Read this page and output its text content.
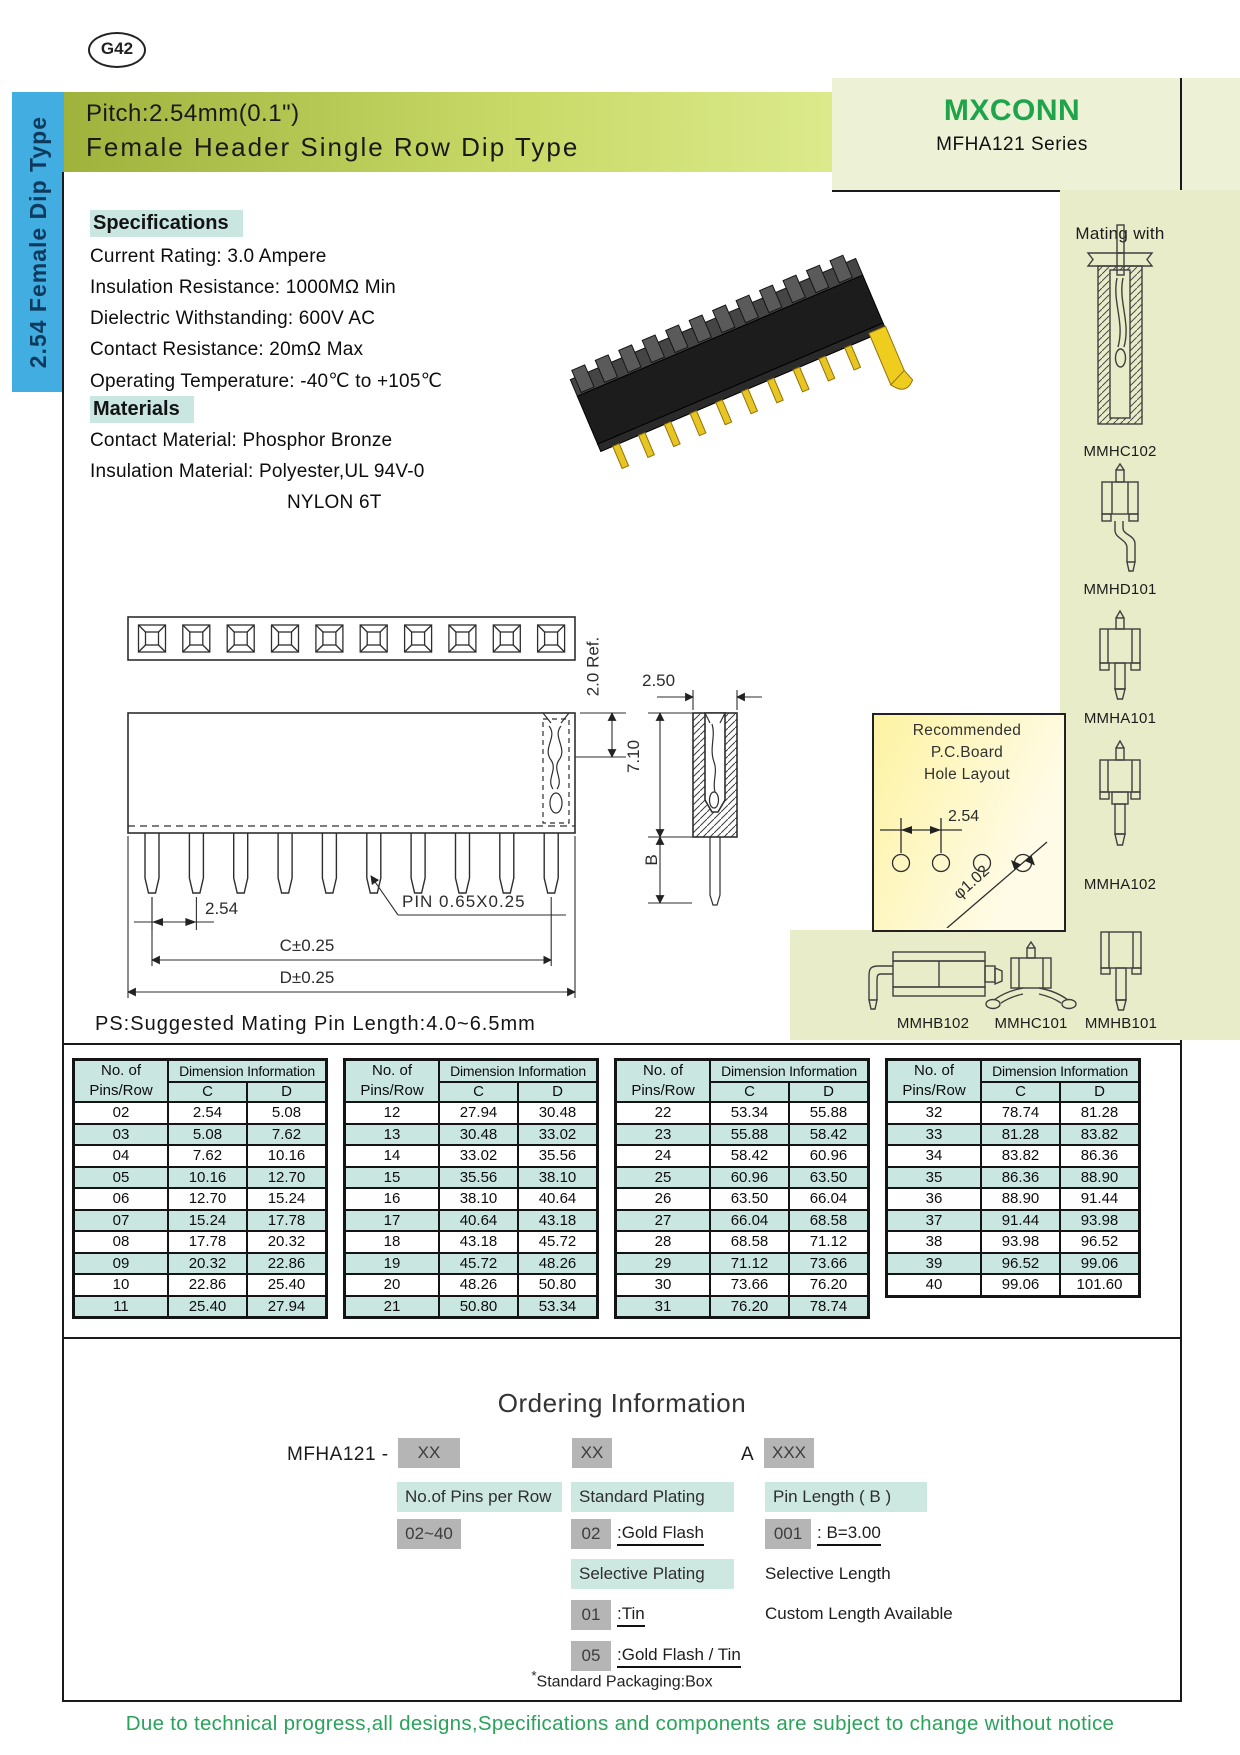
G42
2.54 Female Dip Type
Pitch:2.54mm(0.1")
Female Header Single Row Dip Type
MXCONN
MFHA121 Series
Specifications
Current Rating: 3.0 Ampere
Insulation Resistance: 1000MΩ Min
Dielectric Withstanding: 600V AC
Contact Resistance: 20mΩ Max
Operating Temperature: -40℃ to +105℃
Materials
Contact Material: Phosphor Bronze
Insulation Material: Polyester,UL 94V-0
NYLON 6T
Mating with
MMHC102
MMHD101
MMHA101
MMHA102
MMHB102 MMHC101 MMHB101
2.0 Ref.
2.54	PIN 0.65X0.25
C±0.25
D±0.25
2.50
7.10
B
Recommended
P.C.Board
Hole Layout
2.54
φ1.02
PS:Suggested Mating Pin Length:4.0~6.5mm
No. of
Pins/Row	Dimension Information	
	C	D
02	2.54	5.08
03	5.08	7.62
04	7.62	10.16
05	10.16	12.70
06	12.70	15.24
07	15.24	17.78
08	17.78	20.32
09	20.32	22.86
10	22.86	25.40
11	25.40	27.94
No. of
Pins/Row	Dimension Information	
	C	D
12	27.94	30.48
13	30.48	33.02
14	33.02	35.56
15	35.56	38.10
16	38.10	40.64
17	40.64	43.18
18	43.18	45.72
19	45.72	48.26
20	48.26	50.80
21	50.80	53.34
No. of
Pins/Row	Dimension Information	
	C	D
22	53.34	55.88
23	55.88	58.42
24	58.42	60.96
25	60.96	63.50
26	63.50	66.04
27	66.04	68.58
28	68.58	71.12
29	71.12	73.66
30	73.66	76.20
31	76.20	78.74
No. of
Pins/Row	Dimension Information	
	C	D
32	78.74	81.28
33	81.28	83.82
34	83.82	86.36
35	86.36	88.90
36	88.90	91.44
37	91.44	93.98
38	93.98	96.52
39	96.52	99.06
40	99.06	101.60
Ordering Information
MFHA121 -	XX	XX	A	XXX
No.of Pins per Row
02~40
Standard Plating
02 :Gold Flash
Selective Plating
01 :Tin
05 :Gold Flash / Tin
Pin Length ( B )
001 : B=3.00
Selective Length
Custom Length Available
*Standard Packaging:Box
Due to technical progress,all designs,Specifications and components are subject to change without notice
